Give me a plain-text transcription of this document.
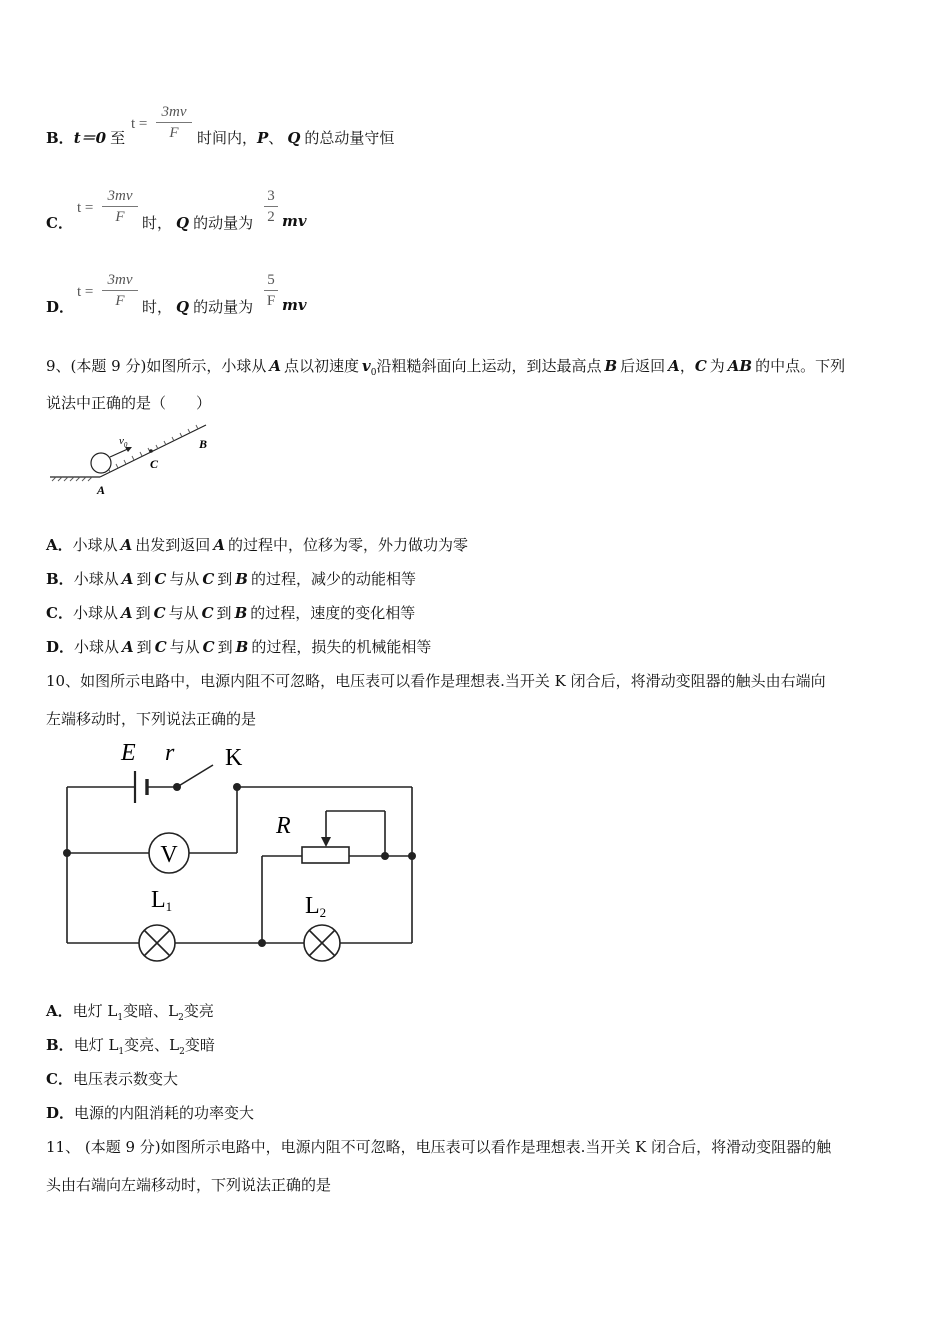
B．t＝0 至
t =
3mv
F	时间内，P、 Q 的总动量守恒
C．
t =
3mv
F	时， Q 的动量为
3
2 mv
D．
t =
3mv
F	时， Q 的动量为
5
F mv
9、(本题 9 分)如图所示，小球从 A 点以初速度 $v_0$沿粗糙斜面向上运动，到达最高点 B 后返回 A，C 为 AB 的中点。下列
说法中正确的是（　　）
$v_0$
A
C
B
A．小球从 A 出发到返回 A 的过程中，位移为零，外力做功为零
B．小球从 A 到 C 与从 C 到 B 的过程，减少的动能相等
C．小球从 A 到 C 与从 C 到 B 的过程，速度的变化相等
D．小球从 A 到 C 与从 C 到 B 的过程，损失的机械能相等
10、如图所示电路中，电源内阻不可忽略，电压表可以看作是理想表.当开关 K 闭合后，将滑动变阻器的触头由右端向
左端移动时，下列说法正确的是
V
E r K
R
L1	L2
A．电灯 $L_1$变暗、$L_2$变亮
B．电灯 $L_1$变亮、$L_2$变暗
C．电压表示数变大
D．电源的内阻消耗的功率变大
11、 (本题 9 分)如图所示电路中，电源内阻不可忽略，电压表可以看作是理想表.当开关 K 闭合后，将滑动变阻器的触
头由右端向左端移动时，下列说法正确的是
